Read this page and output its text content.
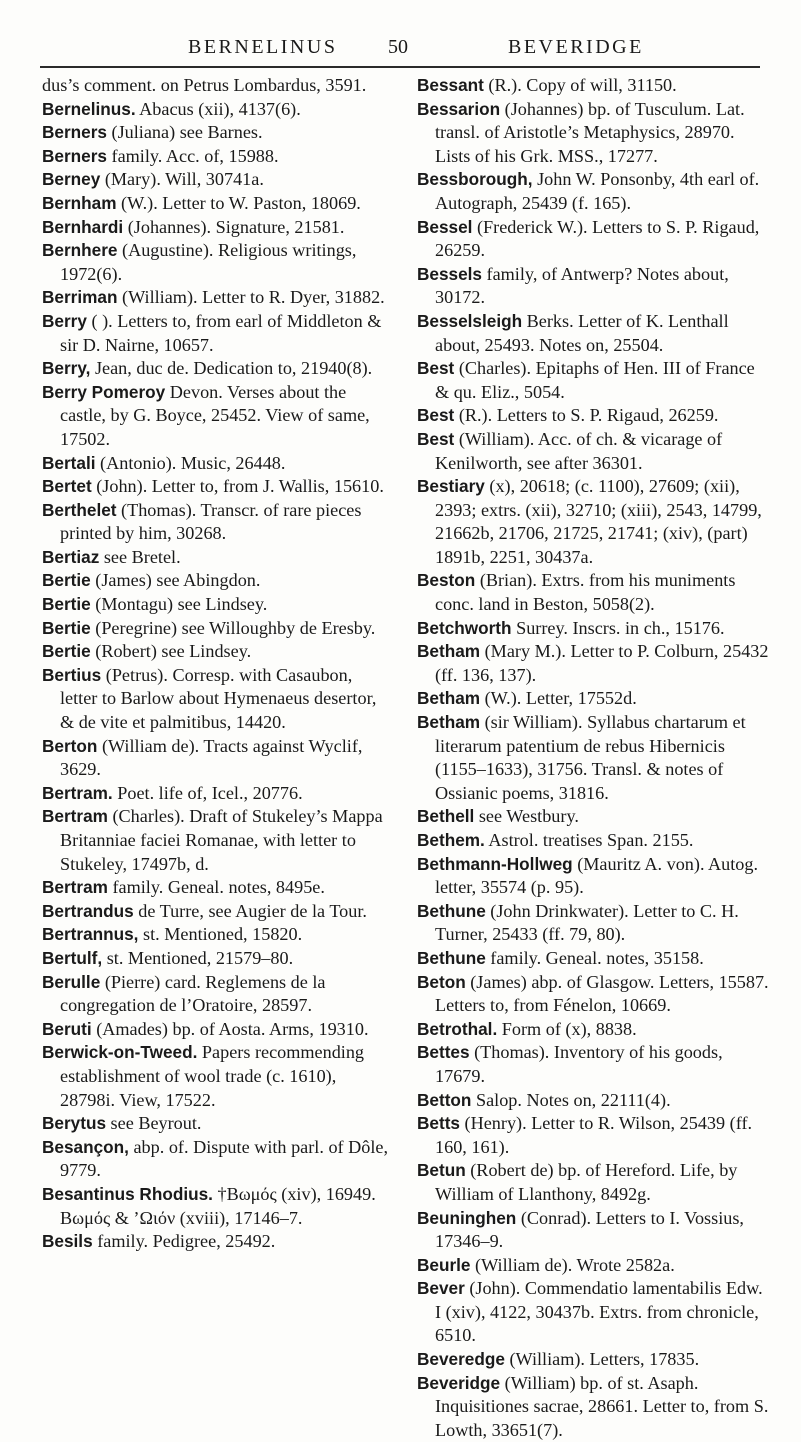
BERNELINUS	50	BEVERIDGE
dus’s comment. on Petrus Lombardus, 3591.
Bernelinus. Abacus (xii), 4137(6).
Berners (Juliana) see Barnes.
Berners family. Acc. of, 15988.
Berney (Mary). Will, 30741a.
Bernham (W.). Letter to W. Paston, 18069.
Bernhardi (Johannes). Signature, 21581.
Bernhere (Augustine). Religious writings, 1972(6).
Berriman (William). Letter to R. Dyer, 31882.
Berry ( ). Letters to, from earl of Middleton & sir D. Nairne, 10657.
Berry, Jean, duc de. Dedication to, 21940(8).
Berry Pomeroy Devon. Verses about the castle, by G. Boyce, 25452. View of same, 17502.
Bertali (Antonio). Music, 26448.
Bertet (John). Letter to, from J. Wallis, 15610.
Berthelet (Thomas). Transcr. of rare pieces printed by him, 30268.
Bertiaz see Bretel.
Bertie (James) see Abingdon.
Bertie (Montagu) see Lindsey.
Bertie (Peregrine) see Willoughby de Eresby.
Bertie (Robert) see Lindsey.
Bertius (Petrus). Corresp. with Casaubon, letter to Barlow about Hymenaeus desertor, & de vite et palmitibus, 14420.
Berton (William de). Tracts against Wyclif, 3629.
Bertram. Poet. life of, Icel., 20776.
Bertram (Charles). Draft of Stukeley’s Mappa Britanniae faciei Romanae, with letter to Stukeley, 17497b, d.
Bertram family. Geneal. notes, 8495e.
Bertrandus de Turre, see Augier de la Tour.
Bertrannus, st. Mentioned, 15820.
Bertulf, st. Mentioned, 21579–80.
Berulle (Pierre) card. Reglemens de la congregation de l’Oratoire, 28597.
Beruti (Amades) bp. of Aosta. Arms, 19310.
Berwick-on-Tweed. Papers recommending establishment of wool trade (c. 1610), 28798i. View, 17522.
Berytus see Beyrout.
Besançon, abp. of. Dispute with parl. of Dôle, 9779.
Besantinus Rhodius. †Βωμός (xiv), 16949. Βωμός & ’Ωιόν (xviii), 17146–7.
Besils family. Pedigree, 25492.
Bessant (R.). Copy of will, 31150.
Bessarion (Johannes) bp. of Tusculum. Lat. transl. of Aristotle’s Metaphysics, 28970. Lists of his Grk. MSS., 17277.
Bessborough, John W. Ponsonby, 4th earl of. Autograph, 25439 (f. 165).
Bessel (Frederick W.). Letters to S. P. Rigaud, 26259.
Bessels family, of Antwerp? Notes about, 30172.
Besselsleigh Berks. Letter of K. Lenthall about, 25493. Notes on, 25504.
Best (Charles). Epitaphs of Hen. III of France & qu. Eliz., 5054.
Best (R.). Letters to S. P. Rigaud, 26259.
Best (William). Acc. of ch. & vicarage of Kenilworth, see after 36301.
Bestiary (x), 20618; (c. 1100), 27609; (xii), 2393; extrs. (xii), 32710; (xiii), 2543, 14799, 21662b, 21706, 21725, 21741; (xiv), (part) 1891b, 2251, 30437a.
Beston (Brian). Extrs. from his muniments conc. land in Beston, 5058(2).
Betchworth Surrey. Inscrs. in ch., 15176.
Betham (Mary M.). Letter to P. Colburn, 25432 (ff. 136, 137).
Betham (W.). Letter, 17552d.
Betham (sir William). Syllabus chartarum et literarum patentium de rebus Hibernicis (1155–1633), 31756. Transl. & notes of Ossianic poems, 31816.
Bethell see Westbury.
Bethem. Astrol. treatises Span. 2155.
Bethmann-Hollweg (Mauritz A. von). Autog. letter, 35574 (p. 95).
Bethune (John Drinkwater). Letter to C. H. Turner, 25433 (ff. 79, 80).
Bethune family. Geneal. notes, 35158.
Beton (James) abp. of Glasgow. Letters, 15587. Letters to, from Fénelon, 10669.
Betrothal. Form of (x), 8838.
Bettes (Thomas). Inventory of his goods, 17679.
Betton Salop. Notes on, 22111(4).
Betts (Henry). Letter to R. Wilson, 25439 (ff. 160, 161).
Betun (Robert de) bp. of Hereford. Life, by William of Llanthony, 8492g.
Beuninghen (Conrad). Letters to I. Vossius, 17346–9.
Beurle (William de). Wrote 2582a.
Bever (John). Commendatio lamentabilis Edw. I (xiv), 4122, 30437b. Extrs. from chronicle, 6510.
Beveredge (William). Letters, 17835.
Beveridge (William) bp. of st. Asaph. Inquisitiones sacrae, 28661. Letter to, from S. Lowth, 33651(7).
